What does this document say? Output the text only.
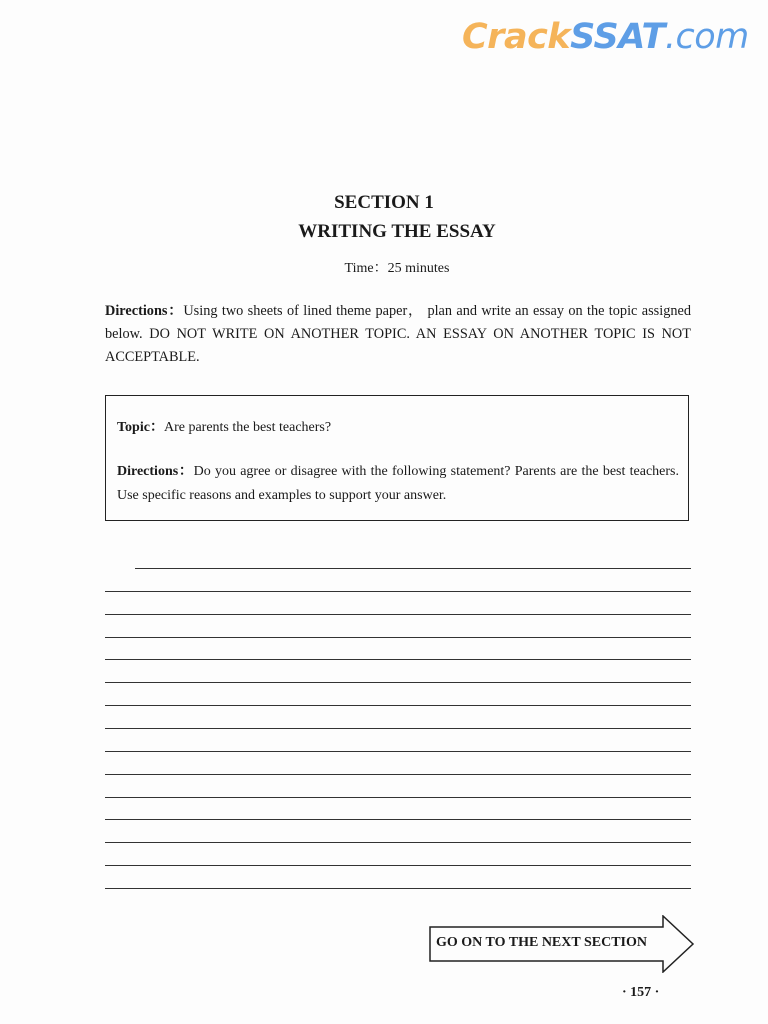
CrackSSAT.com
SECTION 1
WRITING THE ESSAY
Time：25 minutes
Directions：Using two sheets of lined theme paper， plan and write an essay on the topic assigned below. DO NOT WRITE ON ANOTHER TOPIC. AN ESSAY ON ANOTHER TOPIC IS NOT ACCEPTABLE.
Topic：Are parents the best teachers?
Directions：Do you agree or disagree with the following statement? Parents are the best teachers. Use specific reasons and examples to support your answer.
GO ON TO THE NEXT SECTION
· 157 ·
